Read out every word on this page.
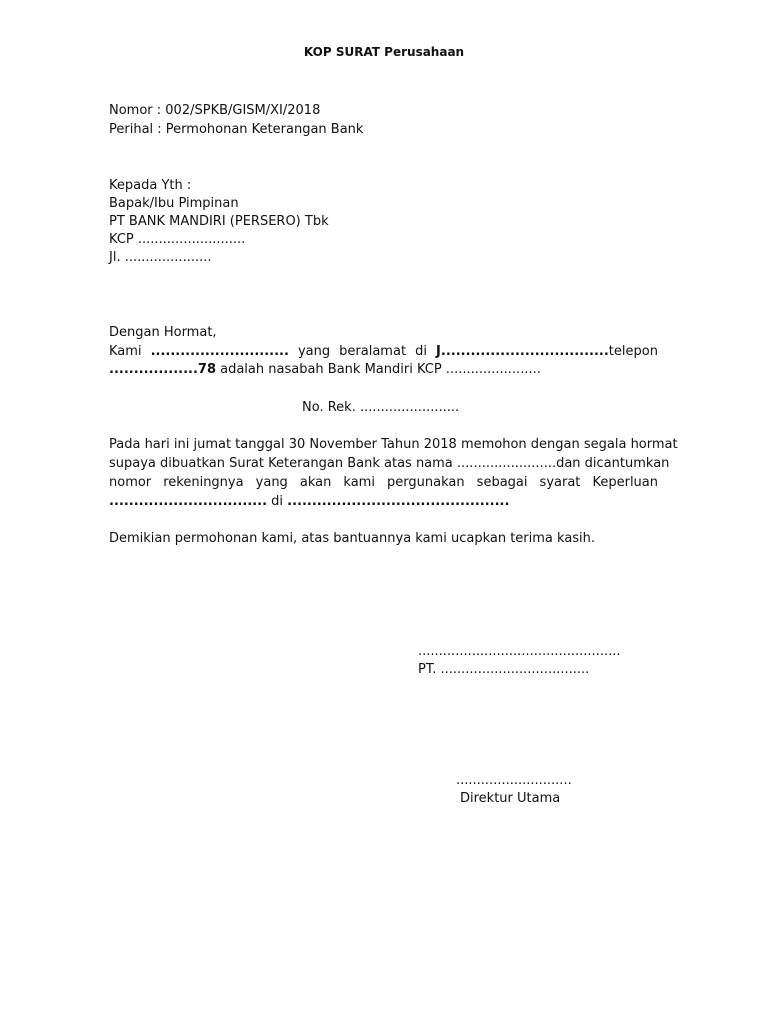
KOP SURAT Perusahaan
Nomor : 002/SPKB/GISM/XI/2018
Perihal : Permohonan Keterangan Bank
Kepada Yth :
Bapak/Ibu Pimpinan
PT BANK MANDIRI (PERSERO) Tbk
KCP ..........................
Jl. .....................
Dengan Hormat,
Kami ............................ yang beralamat di J..................................telepon
..................78 adalah nasabah Bank Mandiri KCP .......................
No. Rek. ........................
Pada hari ini jumat tanggal 30 November Tahun 2018 memohon dengan segala hormat
supaya dibuatkan Surat Keterangan Bank atas nama ........................dan dicantumkan
nomor rekeningnya yang akan kami pergunakan sebagai syarat Keperluan
................................ di .............................................
Demikian permohonan kami, atas bantuannya kami ucapkan terima kasih.
.................................................
PT. ....................................
............................
Direktur Utama
